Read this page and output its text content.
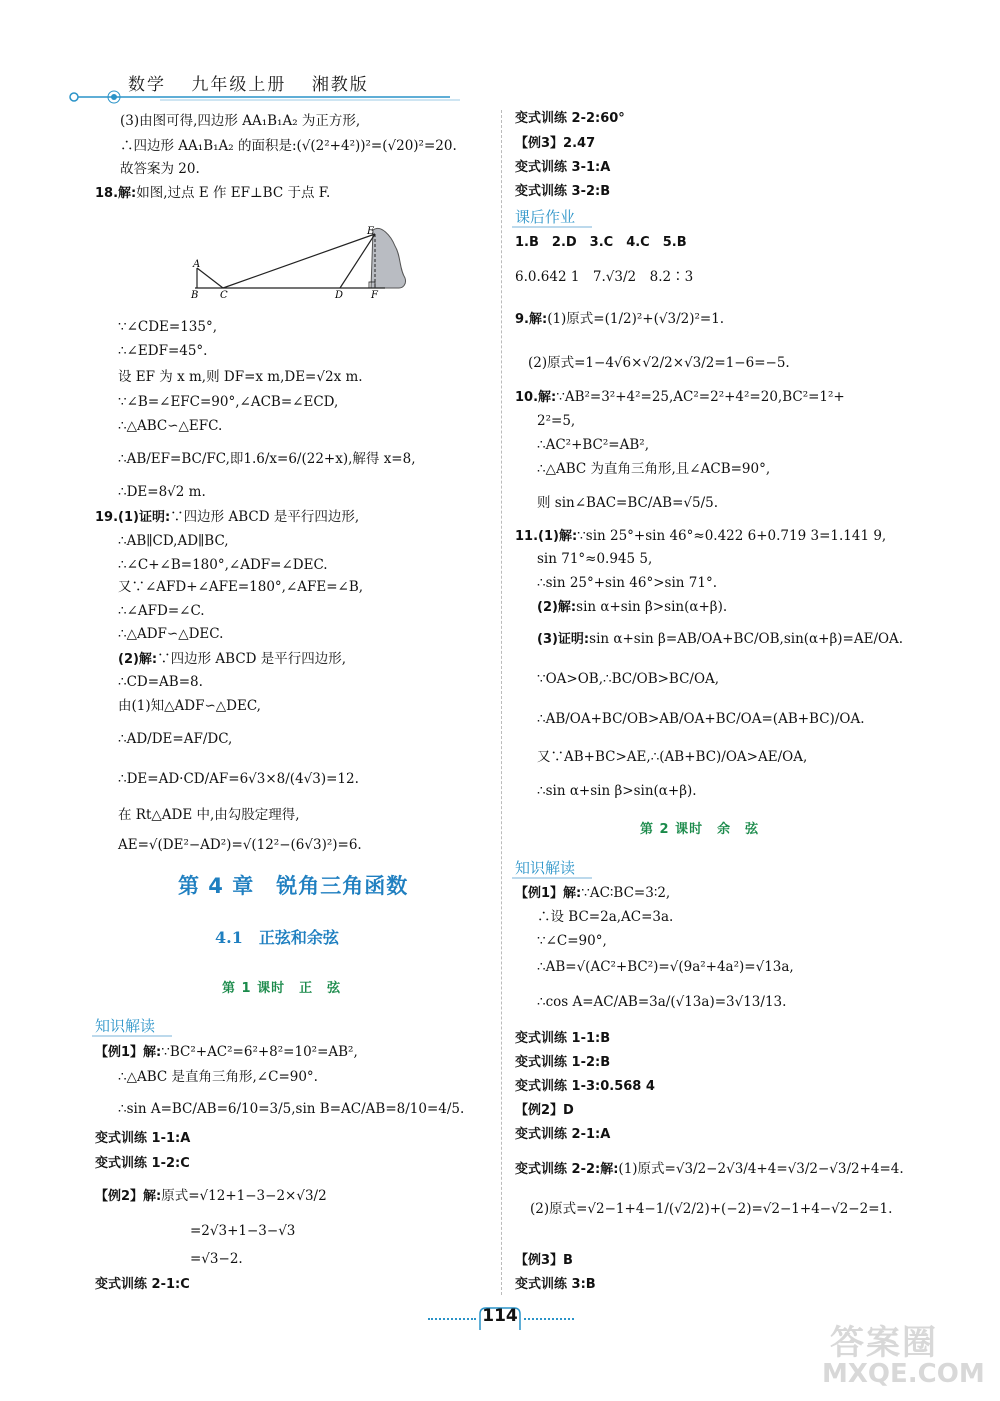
数学 九年级上册 湘教版
(3)由图可得,四边形 AA₁B₁A₂ 为正方形,
∴四边形 AA₁B₁A₂ 的面积是:(√(2²+4²))²=(√20)²=20.
故答案为 20.
18.解:如图,过点 E 作 EF⊥BC 于点 F.
A
B C	D
E
F
∵∠CDE=135°,
∴∠EDF=45°.
设 EF 为 x m,则 DF=x m,DE=√2x m.
∵∠B=∠EFC=90°,∠ACB=∠ECD,
∴△ABC∽△EFC.
∴AB/EF=BC/FC,即1.6/x=6/(22+x),解得 x=8,
∴DE=8√2 m.
19.(1)证明:∵四边形 ABCD 是平行四边形,
∴AB∥CD,AD∥BC,
∴∠C+∠B=180°,∠ADF=∠DEC.
又∵∠AFD+∠AFE=180°,∠AFE=∠B,
∴∠AFD=∠C.
∴△ADF∽△DEC.
(2)解:∵四边形 ABCD 是平行四边形,
∴CD=AB=8.
由(1)知△ADF∽△DEC,
∴AD/DE=AF/DC,
∴DE=AD·CD/AF=6√3×8/(4√3)=12.
在 Rt△ADE 中,由勾股定理得,
AE=√(DE²−AD²)=√(12²−(6√3)²)=6.
第 4 章　锐角三角函数
4.1　正弦和余弦
第 1 课时　正　弦
知识解读
【例1】解:∵BC²+AC²=6²+8²=10²=AB²,
∴△ABC 是直角三角形,∠C=90°.
∴sin A=BC/AB=6/10=3/5,sin B=AC/AB=8/10=4/5.
变式训练 1-1:A
变式训练 1-2:C
【例2】解:原式=√12+1−3−2×√3/2
=2√3+1−3−√3
=√3−2.
变式训练 2-1:C
变式训练 2-2:60°
【例3】2.47
变式训练 3-1:A
变式训练 3-2:B
课后作业
1.B　2.D　3.C　4.C　5.B
6.0.642 1　7.√3/2　8.2∶3
9.解:(1)原式=(1/2)²+(√3/2)²=1.
(2)原式=1−4√6×√2/2×√3/2=1−6=−5.
10.解:∵AB²=3²+4²=25,AC²=2²+4²=20,BC²=1²+
2²=5,
∴AC²+BC²=AB²,
∴△ABC 为直角三角形,且∠ACB=90°,
则 sin∠BAC=BC/AB=√5/5.
11.(1)解:∵sin 25°+sin 46°≈0.422 6+0.719 3=1.141 9,
sin 71°≈0.945 5,
∴sin 25°+sin 46°>sin 71°.
(2)解:sin α+sin β>sin(α+β).
(3)证明:sin α+sin β=AB/OA+BC/OB,sin(α+β)=AE/OA.
∵OA>OB,∴BC/OB>BC/OA,
∴AB/OA+BC/OB>AB/OA+BC/OA=(AB+BC)/OA.
又∵AB+BC>AE,∴(AB+BC)/OA>AE/OA,
∴sin α+sin β>sin(α+β).
第 2 课时　余　弦
知识解读
【例1】解:∵AC∶BC=3∶2,
∴设 BC=2a,AC=3a.
∵∠C=90°,
∴AB=√(AC²+BC²)=√(9a²+4a²)=√13a,
∴cos A=AC/AB=3a/(√13a)=3√13/13.
变式训练 1-1:B
变式训练 1-2:B
变式训练 1-3:0.568 4
【例2】D
变式训练 2-1:A
变式训练 2-2:解:(1)原式=√3/2−2√3/4+4=√3/2−√3/2+4=4.
(2)原式=√2−1+4−1/(√2/2)+(−2)=√2−1+4−√2−2=1.
【例3】B
变式训练 3:B
114
答案圈
MXQE.COM
